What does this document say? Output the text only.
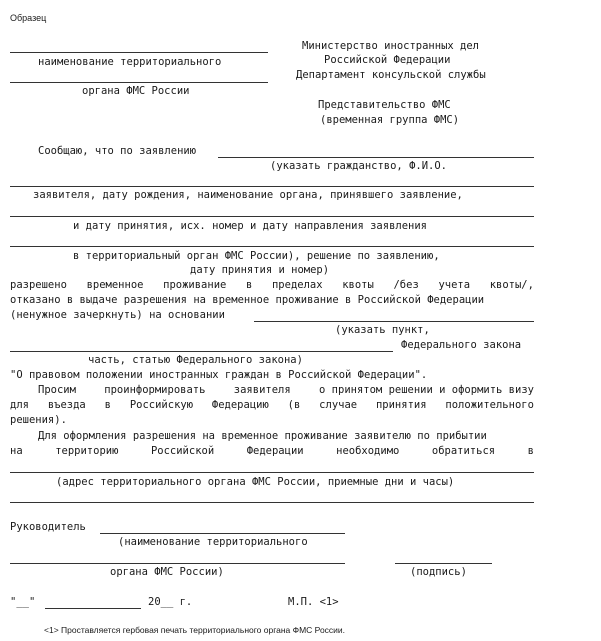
Образец
наименование территориального
органа ФМС России
Министерство иностранных дел
Российской Федерации
Департамент консульской службы
Представительство ФМС
(временная группа ФМС)
Сообщаю, что по заявлению
(указать гражданство, Ф.И.О.
заявителя, дату рождения, наименование органа, принявшего заявление,
и дату принятия, исх. номер и дату направления заявления
в территориальный орган ФМС России), решение по заявлению,
дату принятия и номер)
разрешено временное проживание в пределах квоты /без учета квоты/,
отказано в выдаче разрешения на временное проживание в Российской Федерации
(ненужное зачеркнуть) на основании
(указать пункт,
Федерального закона
часть, статью Федерального закона)
"О правовом положении иностранных граждан в Российской Федерации".
Просим	проинформировать	заявителя	о принятом решении и оформить визу
для въезда в Российскую Федерацию (в случае принятия положительного
решения).
Для оформления разрешения на временное проживание заявителю по прибытии
на	территорию	Российской	Федерации	необходимо	обратиться	в
(адрес территориального органа ФМС России, приемные дни и часы)
Руководитель
(наименование территориального
органа ФМС России)	(подпись)
"__"	20__ г.	М.П. <1>
<1> Проставляется гербовая печать территориального органа ФМС России.
